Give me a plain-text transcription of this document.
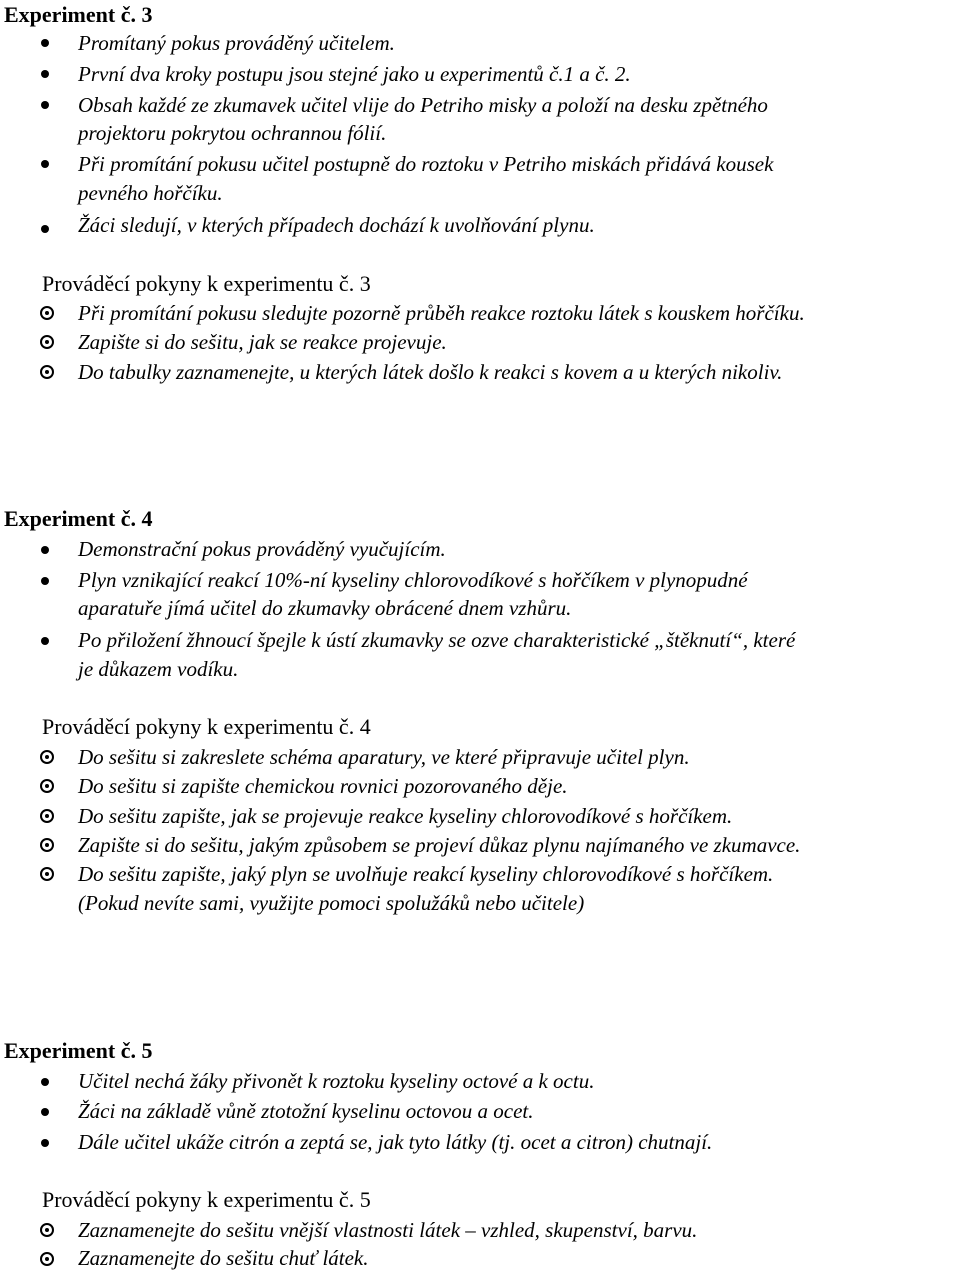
Experiment č. 3
Promítaný pokus prováděný učitelem.
První dva kroky postupu jsou stejné jako u experimentů č.1 a č. 2.
Obsah každé ze zkumavek učitel vlije do Petriho misky a položí na desku zpětného
projektoru pokrytou ochrannou fólií.
Při promítání pokusu učitel postupně do roztoku v Petriho miskách přidává kousek
pevného hořčíku.
Žáci sledují, v kterých případech dochází k uvolňování plynu.
Prováděcí pokyny k experimentu č. 3
Při promítání pokusu sledujte pozorně průběh reakce roztoku látek s kouskem hořčíku.
Zapište si do sešitu, jak se reakce projevuje.
Do tabulky zaznamenejte, u kterých látek došlo k reakci s kovem a u kterých nikoliv.
Experiment č. 4
Demonstrační pokus prováděný vyučujícím.
Plyn vznikající reakcí 10%-ní kyseliny chlorovodíkové s hořčíkem v plynopudné
aparatuře jímá učitel do zkumavky obrácené dnem vzhůru.
Po přiložení žhnoucí špejle k ústí zkumavky se ozve charakteristické „štěknutí“, které
je důkazem vodíku.
Prováděcí pokyny k experimentu č. 4
Do sešitu si zakreslete schéma aparatury, ve které připravuje učitel plyn.
Do sešitu si zapište chemickou rovnici pozorovaného děje.
Do sešitu zapište, jak se projevuje reakce kyseliny chlorovodíkové s hořčíkem.
Zapište si do sešitu, jakým způsobem se projeví důkaz plynu najímaného ve zkumavce.
Do sešitu zapište, jaký plyn se uvolňuje reakcí kyseliny chlorovodíkové s hořčíkem.
(Pokud nevíte sami, využijte pomoci spolužáků nebo učitele)
Experiment č. 5
Učitel nechá žáky přivonět k roztoku kyseliny octové a k octu.
Žáci na základě vůně ztotožní kyselinu octovou a ocet.
Dále učitel ukáže citrón a zeptá se, jak tyto látky (tj. ocet a citron) chutnají.
Prováděcí pokyny k experimentu č. 5
Zaznamenejte do sešitu vnější vlastnosti látek – vzhled, skupenství, barvu.
Zaznamenejte do sešitu chuť látek.
